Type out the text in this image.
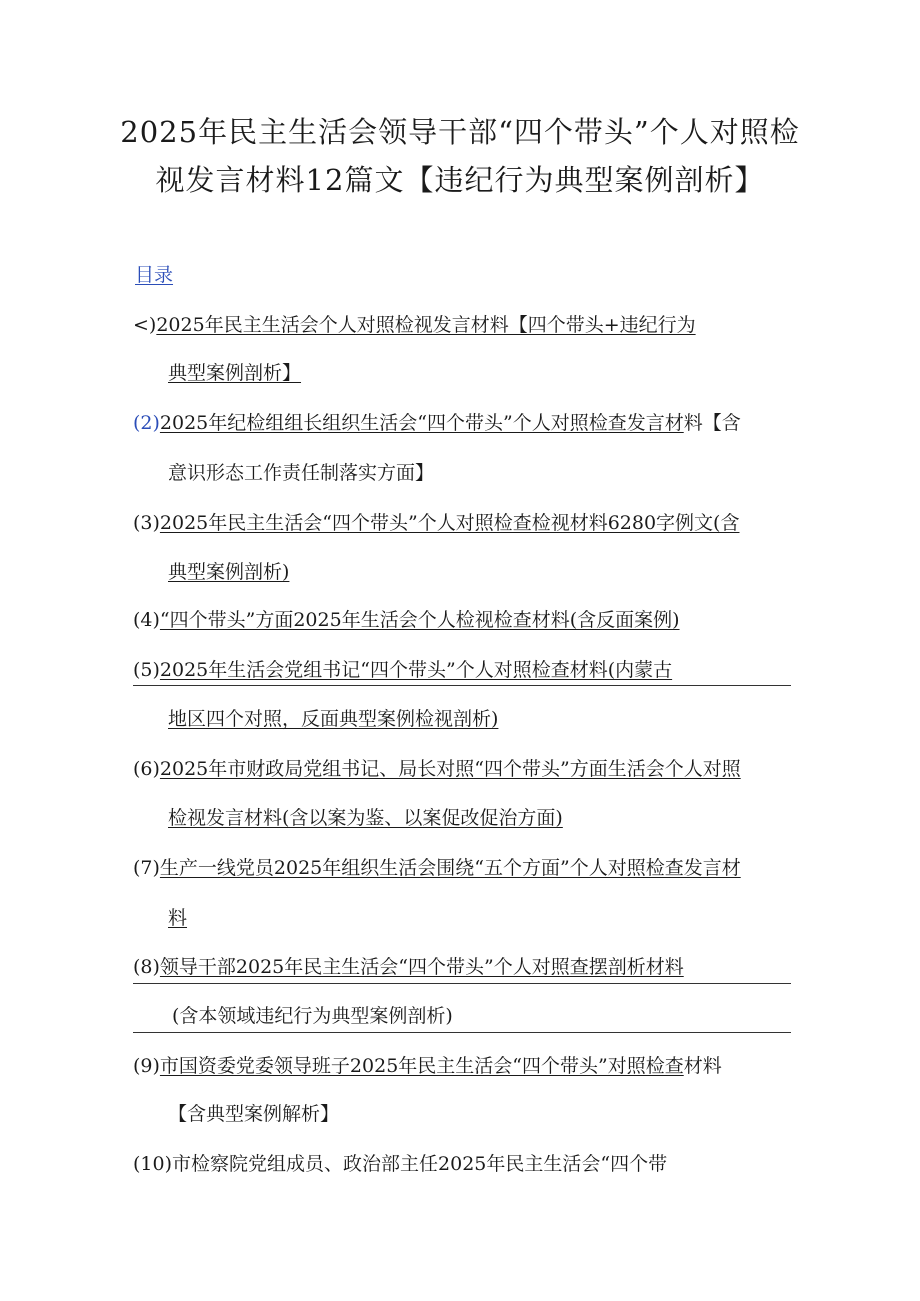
2025年民主生活会领导干部“四个带头”个人对照检
视发言材料12篇文【违纪行为典型案例剖析】
目录
<)2025年民主生活会个人对照检视发言材料【四个带头+违纪行为
典型案例剖析】
(2)2025年纪检组组长组织生活会“四个带头”个人对照检查发言材料【含
意识形态工作责任制落实方面】
(3)2025年民主生活会“四个带头”个人对照检查检视材料6280字例文(含
典型案例剖析)
(4)“四个带头”方面2025年生活会个人检视检查材料(含反面案例)
(5)2025年生活会党组书记“四个带头”个人对照检查材料(内蒙古
地区四个对照，反面典型案例检视剖析)
(6)2025年市财政局党组书记、局长对照“四个带头”方面生活会个人对照
检视发言材料(含以案为鉴、以案促改促治方面)
(7)生产一线党员2025年组织生活会围绕“五个方面”个人对照检查发言材
料
(8)领导干部2025年民主生活会“四个带头”个人对照查摆剖析材料
(含本领域违纪行为典型案例剖析)
(9)市国资委党委领导班子2025年民主生活会“四个带头”对照检查材料
【含典型案例解析】
(10)市检察院党组成员、政治部主任2025年民主生活会“四个带
